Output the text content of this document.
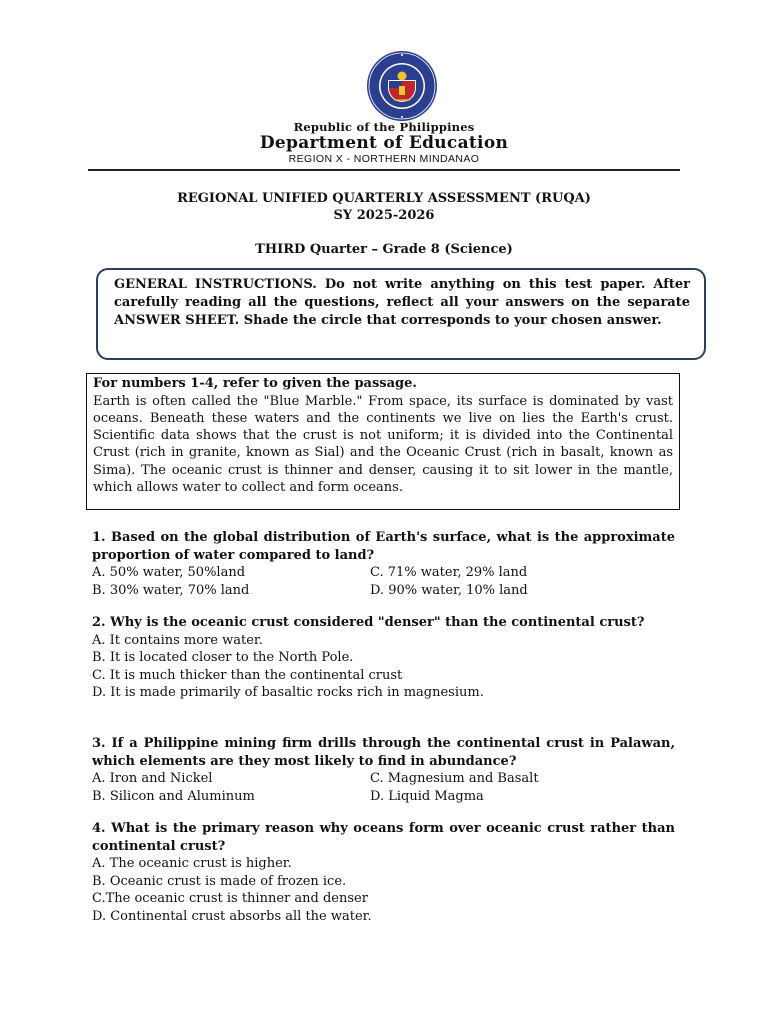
Republic of the Philippines
Department of Education
REGION X - NORTHERN MINDANAO
REGIONAL UNIFIED QUARTERLY ASSESSMENT (RUQA)
SY 2025-2026
THIRD Quarter – Grade 8 (Science)

GENERAL INSTRUCTIONS. Do not write anything on this test paper. After carefully reading all the questions, reflect all your answers on the separate ANSWER SHEET. Shade the circle that corresponds to your chosen answer.

For numbers 1-4, refer to given the passage.

Earth is often called the "Blue Marble." From space, its surface is dominated by vast oceans. Beneath these waters and the continents we live on lies the Earth's crust. Scientific data shows that the crust is not uniform; it is divided into the Continental Crust (rich in granite, known as Sial) and the Oceanic Crust (rich in basalt, known as Sima). The oceanic crust is thinner and denser, causing it to sit lower in the mantle, which allows water to collect and form oceans.

1. Based on the global distribution of Earth's surface, what is the approximate proportion of water compared to land?

A. 50% water, 50%land	C. 71% water, 29% land
B. 30% water, 70% land	D. 90% water, 10% land

2. Why is the oceanic crust considered "denser" than the continental crust?

A. It contains more water.
B. It is located closer to the North Pole.
C. It is much thicker than the continental crust
D. It is made primarily of basaltic rocks rich in magnesium.

3. If a Philippine mining firm drills through the continental crust in Palawan, which elements are they most likely to find in abundance?

A. Iron and Nickel	C. Magnesium and Basalt
B. Silicon and Aluminum	D. Liquid Magma

4. What is the primary reason why oceans form over oceanic crust rather than continental crust?

A. The oceanic crust is higher.
B. Oceanic crust is made of frozen ice.
C.The oceanic crust is thinner and denser
D. Continental crust absorbs all the water.
